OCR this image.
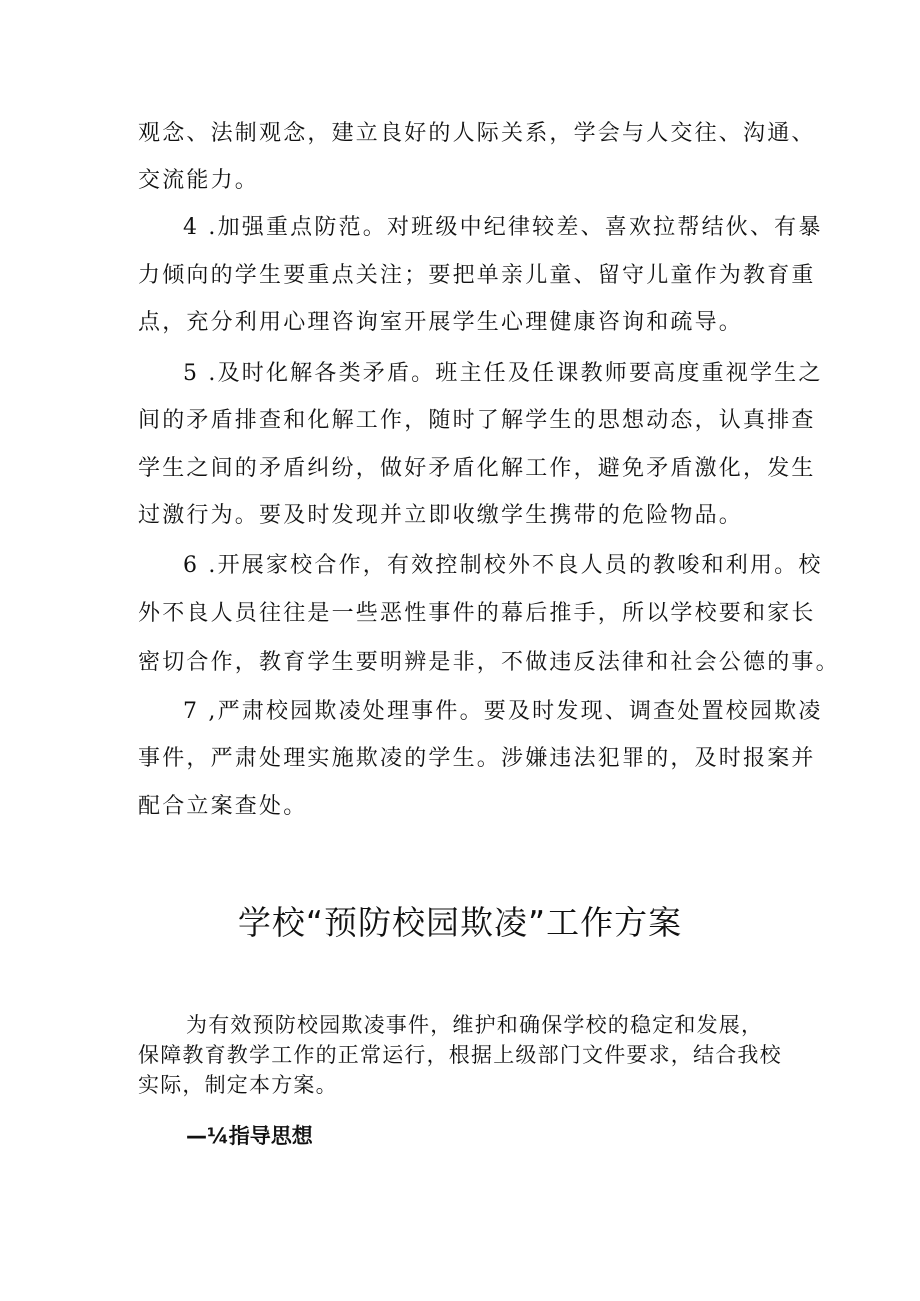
观念、法制观念，建立良好的人际关系，学会与人交往、沟通、
交流能力。
4 .加强重点防范。对班级中纪律较差、喜欢拉帮结伙、有暴
力倾向的学生要重点关注；要把单亲儿童、留守儿童作为教育重
点，充分利用心理咨询室开展学生心理健康咨询和疏导。
5 .及时化解各类矛盾。班主任及任课教师要高度重视学生之
间的矛盾排查和化解工作，随时了解学生的思想动态，认真排查
学生之间的矛盾纠纷，做好矛盾化解工作，避免矛盾激化，发生
过激行为。要及时发现并立即收缴学生携带的危险物品。
6 .开展家校合作，有效控制校外不良人员的教唆和利用。校
外不良人员往往是一些恶性事件的幕后推手，所以学校要和家长
密切合作，教育学生要明辨是非，不做违反法律和社会公德的事。
7 ,严肃校园欺凌处理事件。要及时发现、调查处置校园欺凌
事件，严肃处理实施欺凌的学生。涉嫌违法犯罪的，及时报案并
配合立案查处。
学校“预防校园欺凌”工作方案
为有效预防校园欺凌事件，维护和确保学校的稳定和发展，
保障教育教学工作的正常运行，根据上级部门文件要求，结合我校
实际，制定本方案。
—¼指导思想
